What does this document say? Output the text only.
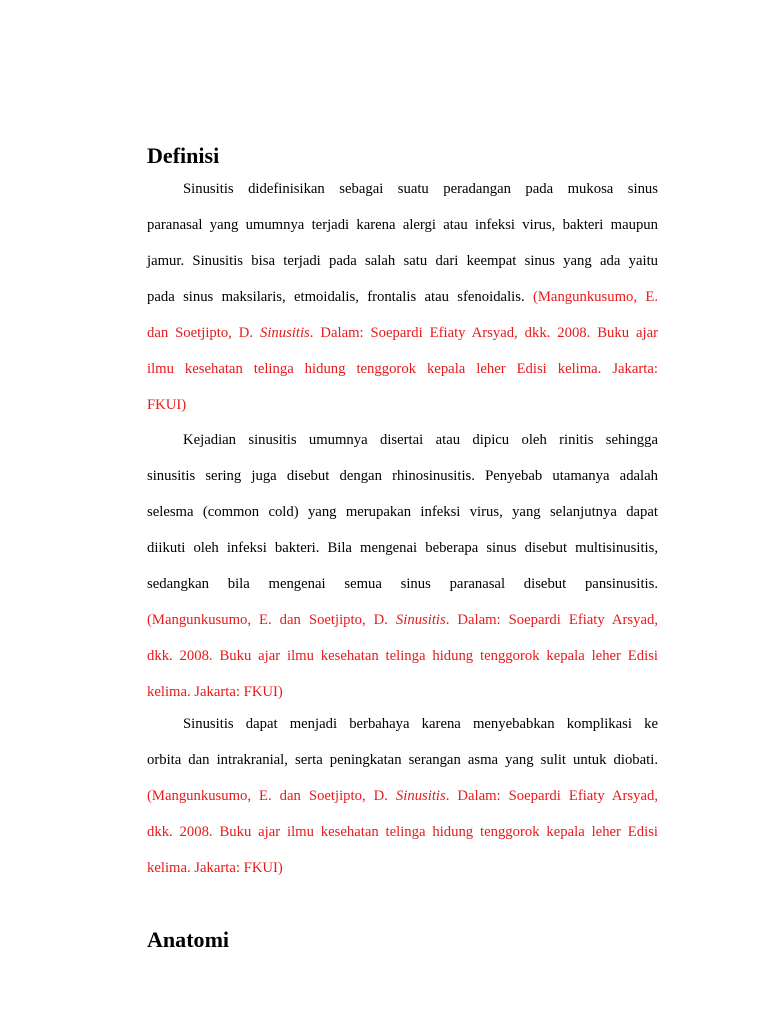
Definisi
Sinusitis didefinisikan sebagai suatu peradangan pada mukosa sinus
paranasal yang umumnya terjadi karena alergi atau infeksi virus, bakteri maupun
jamur. Sinusitis bisa terjadi pada salah satu dari keempat sinus yang ada yaitu
pada sinus maksilaris, etmoidalis, frontalis atau sfenoidalis. (Mangunkusumo, E.
dan Soetjipto, D. Sinusitis. Dalam: Soepardi Efiaty Arsyad, dkk. 2008. Buku ajar
ilmu kesehatan telinga hidung tenggorok kepala leher Edisi kelima. Jakarta:
FKUI)
Kejadian sinusitis umumnya disertai atau dipicu oleh rinitis sehingga
sinusitis sering juga disebut dengan rhinosinusitis. Penyebab utamanya adalah
selesma (common cold) yang merupakan infeksi virus, yang selanjutnya dapat
diikuti oleh infeksi bakteri. Bila mengenai beberapa sinus disebut multisinusitis,
sedangkan bila mengenai semua sinus paranasal disebut pansinusitis.
(Mangunkusumo, E. dan Soetjipto, D. Sinusitis. Dalam: Soepardi Efiaty Arsyad,
dkk. 2008. Buku ajar ilmu kesehatan telinga hidung tenggorok kepala leher Edisi
kelima. Jakarta: FKUI)
Sinusitis dapat menjadi berbahaya karena menyebabkan komplikasi ke
orbita dan intrakranial, serta peningkatan serangan asma yang sulit untuk diobati.
(Mangunkusumo, E. dan Soetjipto, D. Sinusitis. Dalam: Soepardi Efiaty Arsyad,
dkk. 2008. Buku ajar ilmu kesehatan telinga hidung tenggorok kepala leher Edisi
kelima. Jakarta: FKUI)
Anatomi
